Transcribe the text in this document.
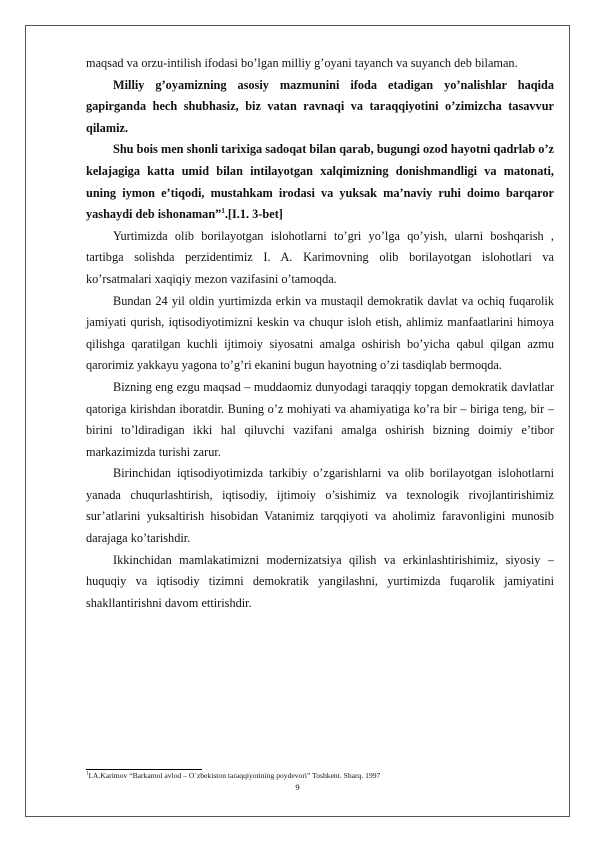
maqsad va orzu-intilish ifodasi bo’lgan milliy g’oyani tayanch va suyanch deb bilaman.

Milliy g’oyamizning asosiy mazmunini ifoda etadigan yo’nalishlar haqida gapirganda hech shubhasiz, biz vatan ravnaqi va taraqqiyotini o’zimizcha tasavvur qilamiz.

Shu bois men shonli tarixiga sadoqat bilan qarab, bugungi ozod hayotni qadrlab o’z kelajagiga katta umid bilan intilayotgan xalqimizning donishmandligi va matonati, uning iymon e’tiqodi, mustahkam irodasi va yuksak ma’naviy ruhi doimo barqaror yashaydi deb ishonaman”$^1$.[I.1. 3-bet]

Yurtimizda olib borilayotgan islohotlarni to’gri yo’lga qo’yish, ularni boshqarish , tartibga solishda perzidentimiz I. A. Karimovning olib borilayotgan islohotlari va ko’rsatmalari xaqiqiy mezon vazifasini o’tamoqda.

Bundan 24 yil oldin yurtimizda erkin va mustaqil demokratik davlat va ochiq fuqarolik jamiyati qurish, iqtisodiyotimizni keskin va chuqur isloh etish, ahlimiz manfaatlarini himoya qilishga qaratilgan kuchli ijtimoiy siyosatni amalga oshirish bo’yicha qabul qilgan azmu qarorimiz yakkayu yagona to’g’ri ekanini bugun hayotning o’zi tasdiqlab bermoqda.

Bizning eng ezgu maqsad – muddaomiz dunyodagi taraqqiy topgan demokratik davlatlar qatoriga kirishdan iboratdir. Buning o’z mohiyati va ahamiyatiga ko’ra bir – biriga teng, bir – birini to’ldiradigan ikki hal qiluvchi vazifani amalga oshirish bizning doimiy e’tibor markazimizda turishi zarur.

Birinchidan iqtisodiyotimizda tarkibiy o’zgarishlarni va olib borilayotgan islohotlarni yanada chuqurlashtirish, iqtisodiy, ijtimoiy o’sishimiz va texnologik rivojlantirishimiz sur’atlarini yuksaltirish hisobidan Vatanimiz tarqqiyoti va aholimiz faravonligini munosib darajaga ko’tarishdir.

Ikkinchidan mamlakatimizni modernizatsiya qilish va erkinlashtirishimiz, siyosiy – huquqiy va iqtisodiy tizimni demokratik yangilashni, yurtimizda fuqarolik jamiyatini shakllantirishni davom ettirishdir.

$^1$I.A.Karimov “Barkamol avlod – O`zbekiston taraqqiyotining poydevori” Toshkent. Sharq. 1997
9
